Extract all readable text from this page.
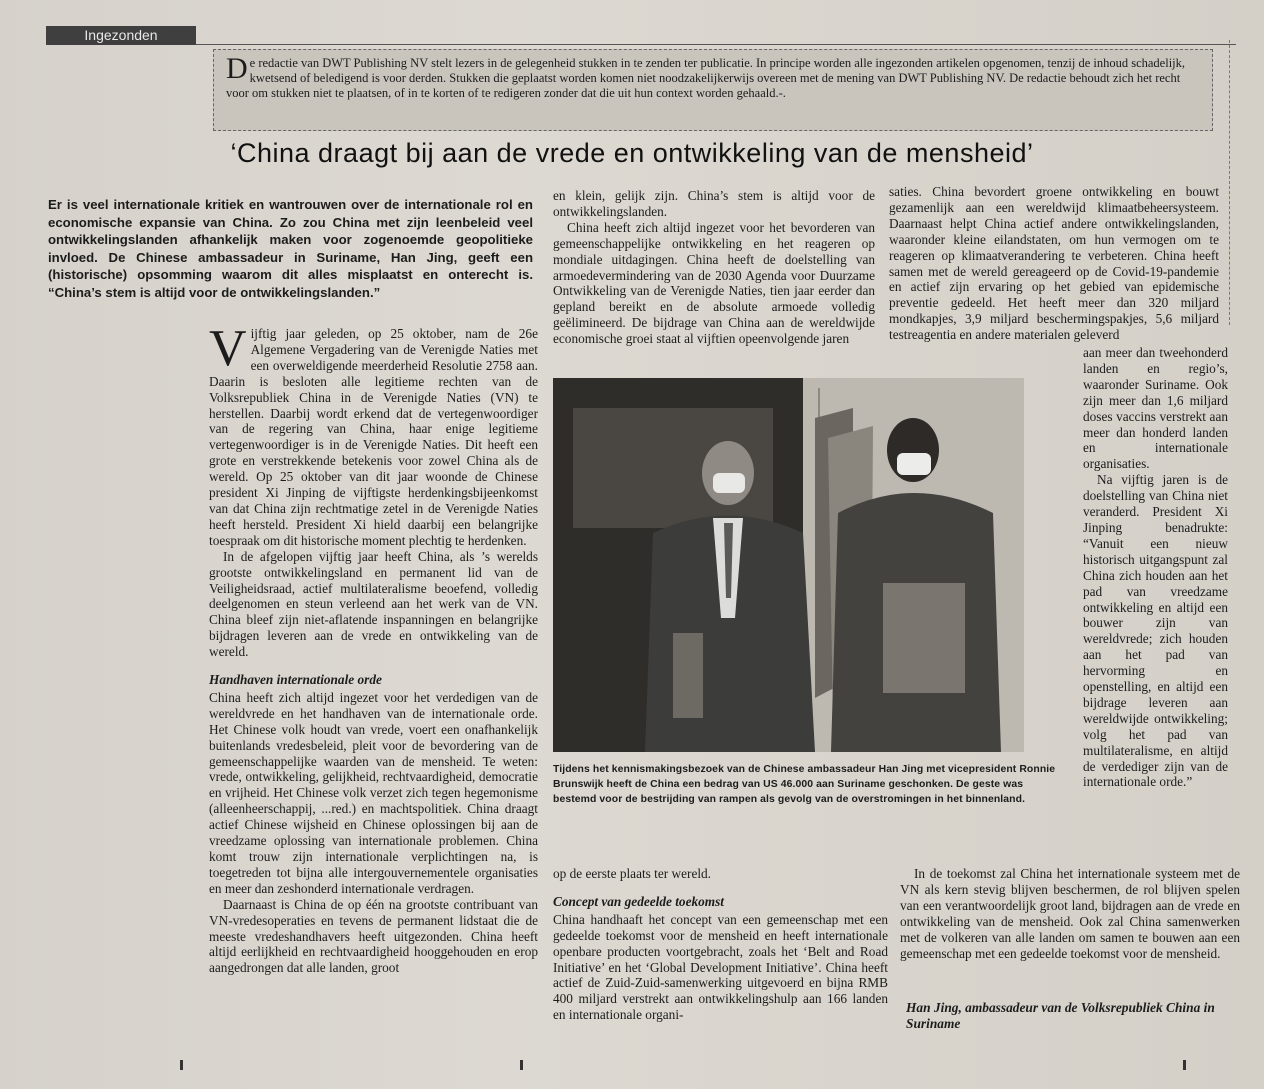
Ingezonden
De redactie van DWT Publishing NV stelt lezers in de gelegenheid stukken in te zenden ter publicatie. In principe worden alle ingezonden artikelen opgenomen, tenzij de inhoud schadelijk, kwetsend of beledigend is voor derden. Stukken die geplaatst worden komen niet noodzakelijkerwijs overeen met de mening van DWT Publishing NV. De redactie behoudt zich het recht voor om stukken niet te plaatsen, of in te korten of te redigeren zonder dat die uit hun context worden gehaald.-.
‘China draagt bij aan de vrede en ontwikkeling van de mensheid’
Er is veel internationale kritiek en wantrouwen over de internationale rol en economische expansie van China. Zo zou China met zijn leenbeleid veel ontwikkelingslanden afhankelijk maken voor zogenoemde geopolitieke invloed. De Chinese ambassadeur in Suriname, Han Jing, geeft een (historische) opsomming waarom dit alles misplaatst en onterecht is. “China’s stem is altijd voor de ontwikkelingslanden.”

Vijftig jaar geleden, op 25 oktober, nam de 26e Algemene Vergadering van de Verenigde Naties met een overweldigende meerderheid Resolutie 2758 aan. Daarin is besloten alle legitieme rechten van de Volksrepubliek China in de Verenigde Naties (VN) te herstellen. Daarbij wordt erkend dat de vertegenwoordiger van de regering van China, haar enige legitieme vertegenwoordiger is in de Verenigde Naties. Dit heeft een grote en verstrekkende betekenis voor zowel China als de wereld. Op 25 oktober van dit jaar woonde de Chinese president Xi Jinping de vijftigste herdenkingsbijeenkomst van dat China zijn rechtmatige zetel in de Verenigde Naties heeft hersteld. President Xi hield daarbij een belangrijke toespraak om dit historische moment plechtig te herdenken.

In de afgelopen vijftig jaar heeft China, als ’s werelds grootste ontwikkelingsland en permanent lid van de Veiligheidsraad, actief multilateralisme beoefend, volledig deelgenomen en steun verleend aan het werk van de VN. China bleef zijn niet-aflatende inspanningen en belangrijke bijdragen leveren aan de vrede en ontwikkeling van de wereld.

Handhaven internationale orde

China heeft zich altijd ingezet voor het verdedigen van de wereldvrede en het handhaven van de internationale orde. Het Chinese volk houdt van vrede, voert een onafhankelijk buitenlands vredesbeleid, pleit voor de bevordering van de gemeenschappelijke waarden van de mensheid. Te weten: vrede, ontwikkeling, gelijkheid, rechtvaardigheid, democratie en vrijheid. Het Chinese volk verzet zich tegen hegemonisme (alleenheerschappij, ...red.) en machtspolitiek. China draagt actief Chinese wijsheid en Chinese oplossingen bij aan de vreedzame oplossing van internationale problemen. China komt trouw zijn internationale verplichtingen na, is toegetreden tot bijna alle intergouvernementele organisaties en meer dan zeshonderd internationale verdragen.

Daarnaast is China de op één na grootste contribuant van VN-vredesoperaties en tevens de permanent lidstaat die de meeste vredeshandhavers heeft uitgezonden. China heeft altijd eerlijkheid en rechtvaardigheid hooggehouden en erop aangedrongen dat alle landen, groot

en klein, gelijk zijn. China’s stem is altijd voor de ontwikkelingslanden.

China heeft zich altijd ingezet voor het bevorderen van gemeenschappelijke ontwikkeling en het reageren op mondiale uitdagingen. China heeft de doelstelling van armoedevermindering van de 2030 Agenda voor Duurzame Ontwikkeling van de Verenigde Naties, tien jaar eerder dan gepland bereikt en de absolute armoede volledig geëlimineerd. De bijdrage van China aan de wereldwijde economische groei staat al vijftien opeenvolgende jaren

saties. China bevordert groene ontwikkeling en bouwt gezamenlijk aan een wereldwijd klimaatbeheersysteem. Daarnaast helpt China actief andere ontwikkelingslanden, waaronder kleine eilandstaten, om hun vermogen om te reageren op klimaatverandering te verbeteren. China heeft samen met de wereld gereageerd op de Covid-19-pandemie en actief zijn ervaring op het gebied van epidemische preventie gedeeld. Het heeft meer dan 320 miljard mondkapjes, 3,9 miljard beschermingspakjes, 5,6 miljard testreagentia en andere materialen geleverd

aan meer dan tweehonderd landen en regio’s, waaronder Suriname. Ook zijn meer dan 1,6 miljard doses vaccins verstrekt aan meer dan honderd landen en internationale organisaties.

Na vijftig jaren is de doelstelling van China niet veranderd. President Xi Jinping benadrukte: “Vanuit een nieuw historisch uitgangspunt zal China zich houden aan het pad van vreedzame ontwikkeling en altijd een bouwer zijn van wereldvrede; zich houden aan het pad van hervorming en openstelling, en altijd een bijdrage leveren aan wereldwijde ontwikkeling; volg het pad van multilateralisme, en altijd de verdediger zijn van de internationale orde.”

Tijdens het kennismakingsbezoek van de Chinese ambassadeur Han Jing met vicepresident Ronnie Brunswijk heeft de China een bedrag van US 46.000 aan Suriname geschonken. De geste was bestemd voor de bestrijding van rampen als gevolg van de overstromingen in het binnenland.

op de eerste plaats ter wereld.

Concept van gedeelde toekomst

China handhaaft het concept van een gemeenschap met een gedeelde toekomst voor de mensheid en heeft internationale openbare producten voortgebracht, zoals het ‘Belt and Road Initiative’ en het ‘Global Development Initiative’. China heeft actief de Zuid-Zuid-samenwerking uitgevoerd en bijna RMB 400 miljard verstrekt aan ontwikkelingshulp aan 166 landen en internationale organi-

In de toekomst zal China het internationale systeem met de VN als kern stevig blijven beschermen, de rol blijven spelen van een verantwoordelijk groot land, bijdragen aan de vrede en ontwikkeling van de mensheid. Ook zal China samenwerken met de volkeren van alle landen om samen te bouwen aan een gemeenschap met een gedeelde toekomst voor de mensheid.

Han Jing, ambassadeur van de Volksrepubliek China in Suriname
